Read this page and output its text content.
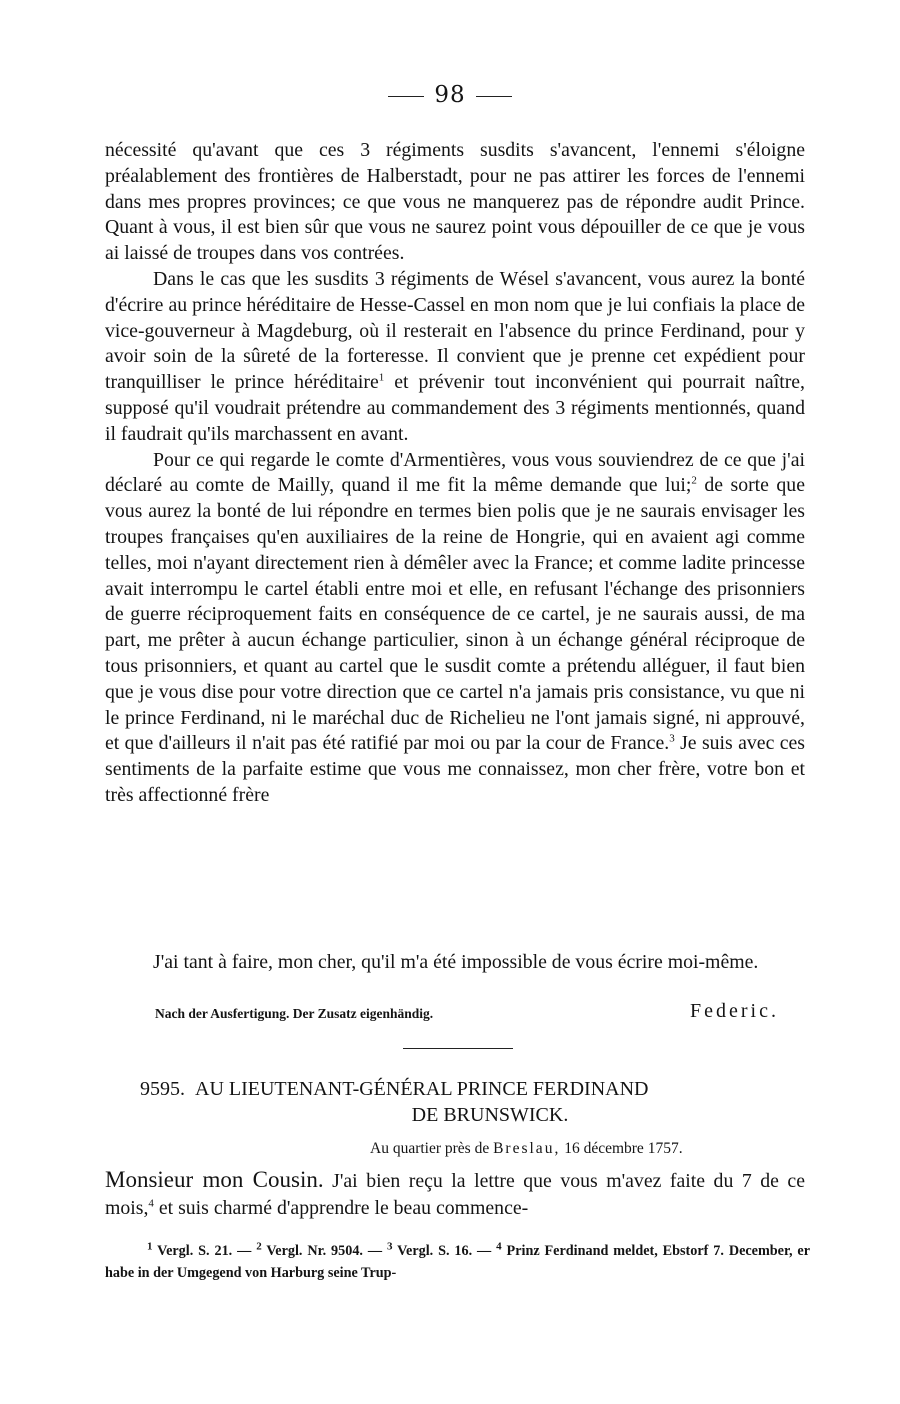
98

nécessité qu'avant que ces 3 régiments susdits s'avancent, l'ennemi s'éloigne préalablement des frontières de Halberstadt, pour ne pas attirer les forces de l'ennemi dans mes propres provinces; ce que vous ne manquerez pas de répondre audit Prince. Quant à vous, il est bien sûr que vous ne saurez point vous dépouiller de ce que je vous ai laissé de troupes dans vos contrées.

Dans le cas que les susdits 3 régiments de Wésel s'avancent, vous aurez la bonté d'écrire au prince héréditaire de Hesse-Cassel en mon nom que je lui confiais la place de vice-gouverneur à Magdeburg, où il resterait en l'absence du prince Ferdinand, pour y avoir soin de la sûreté de la forteresse. Il convient que je prenne cet expédient pour tranquilliser le prince héréditaire$^1$ et prévenir tout inconvénient qui pourrait naître, supposé qu'il voudrait prétendre au commandement des 3 régiments mentionnés, quand il faudrait qu'ils marchassent en avant.

Pour ce qui regarde le comte d'Armentières, vous vous souviendrez de ce que j'ai déclaré au comte de Mailly, quand il me fit la même demande que lui;$^2$ de sorte que vous aurez la bonté de lui répondre en termes bien polis que je ne saurais envisager les troupes françaises qu'en auxiliaires de la reine de Hongrie, qui en avaient agi comme telles, moi n'ayant directement rien à démêler avec la France; et comme ladite princesse avait interrompu le cartel établi entre moi et elle, en refusant l'échange des prisonniers de guerre réciproquement faits en conséquence de ce cartel, je ne saurais aussi, de ma part, me prêter à aucun échange particulier, sinon à un échange général réciproque de tous prisonniers, et quant au cartel que le susdit comte a prétendu alléguer, il faut bien que je vous dise pour votre direction que ce cartel n'a jamais pris consistance, vu que ni le prince Ferdinand, ni le maréchal duc de Richelieu ne l'ont jamais signé, ni approuvé, et que d'ailleurs il n'ait pas été ratifié par moi ou par la cour de France.$^3$ Je suis avec ces sentiments de la parfaite estime que vous me connaissez, mon cher frère, votre bon et très affectionné frère

J'ai tant à faire, mon cher, qu'il m'a été impossible de vous écrire moi-même.
Nach der Ausfertigung. Der Zusatz eigenhändig.	Federic.
9595. AU LIEUTENANT-GÉNÉRAL PRINCE FERDINAND
DE BRUNSWICK.
Au quartier près de Breslau, 16 décembre 1757.
Monsieur mon Cousin. J'ai bien reçu la lettre que vous m'avez faite du 7 de ce mois,$^4$ et suis charmé d'apprendre le beau commence-
$^1$ Vergl. S. 21. — $^2$ Vergl. Nr. 9504. — $^3$ Vergl. S. 16. — $^4$ Prinz Ferdinand meldet, Ebstorf 7. December, er habe in der Umgegend von Harburg seine Trup-
